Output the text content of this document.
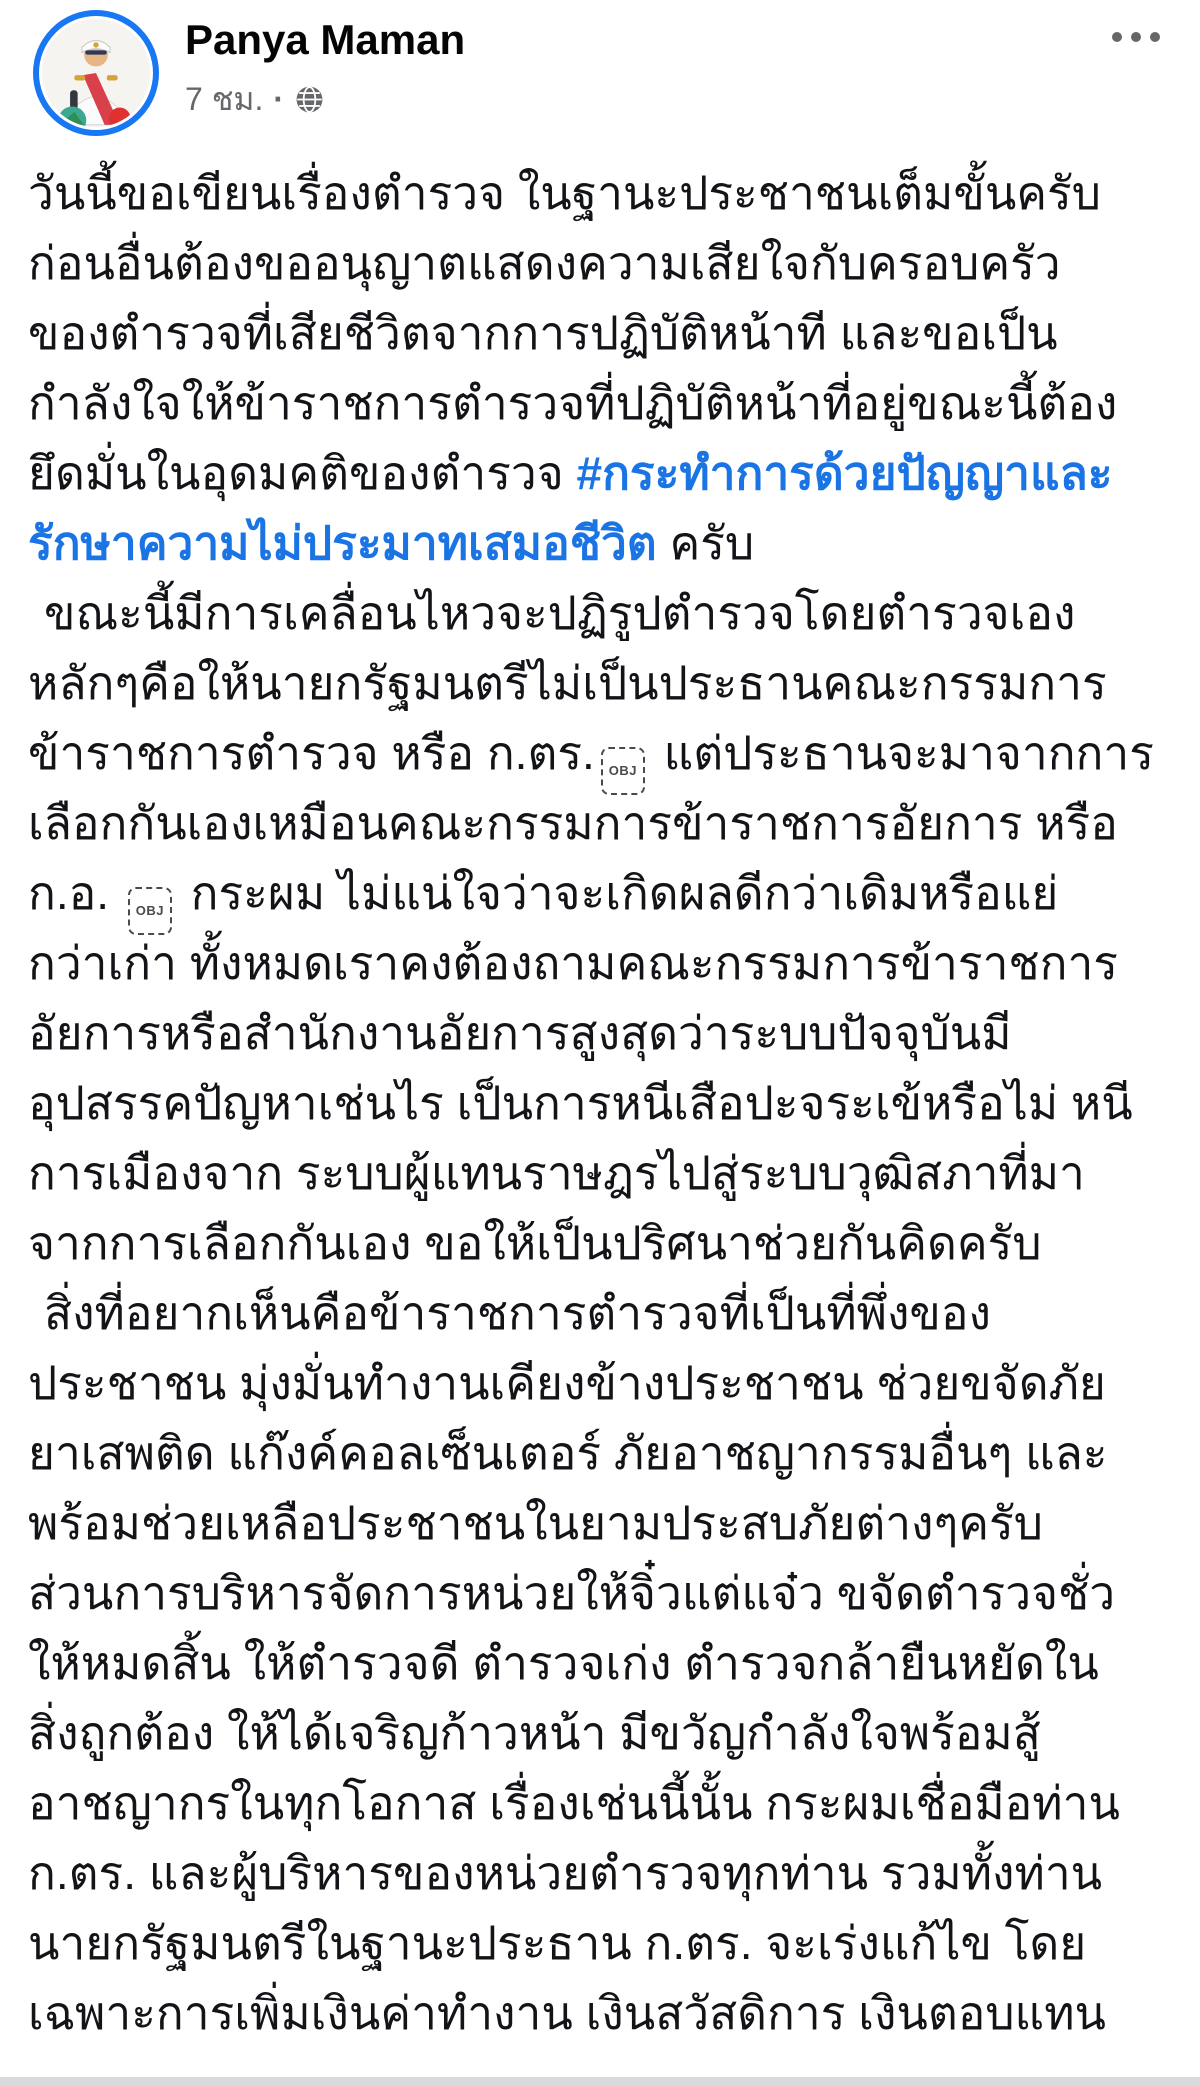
Panya Maman
7 ชม. ·
วันนี้ขอเขียนเรื่องตำรวจ ในฐานะประชาชนเต็มขั้นครับ
ก่อนอื่นต้องขออนุญาตแสดงความเสียใจกับครอบครัว
ของตำรวจที่เสียชีวิตจากการปฏิบัติหน้าที และขอเป็น
กำลังใจให้ข้าราชการตำรวจที่ปฏิบัติหน้าที่อยู่ขณะนี้ต้อง
ยึดมั่นในอุดมคติของตำรวจ #กระทำการด้วยปัญญาและ
รักษาความไม่ประมาทเสมอชีวิต ครับ
ขณะนี้มีการเคลื่อนไหวจะปฏิรูปตำรวจโดยตำรวจเอง
หลักๆคือให้นายกรัฐมนตรีไม่เป็นประธานคณะกรรมการ
ข้าราชการตำรวจ หรือ ก.ตร. OBJ แต่ประธานจะมาจากการ
เลือกกันเองเหมือนคณะกรรมการข้าราชการอัยการ หรือ
ก.อ. OBJ กระผม ไม่แน่ใจว่าจะเกิดผลดีกว่าเดิมหรือแย่
กว่าเก่า ทั้งหมดเราคงต้องถามคณะกรรมการข้าราชการ
อัยการหรือสำนักงานอัยการสูงสุดว่าระบบปัจจุบันมี
อุปสรรคปัญหาเช่นไร เป็นการหนีเสือปะจระเข้หรือไม่ หนี
การเมืองจาก ระบบผู้แทนราษฎรไปสู่ระบบวุฒิสภาที่มา
จากการเลือกกันเอง ขอให้เป็นปริศนาช่วยกันคิดครับ
สิ่งที่อยากเห็นคือข้าราชการตำรวจที่เป็นที่พึ่งของ
ประชาชน มุ่งมั่นทำงานเคียงข้างประชาชน ช่วยขจัดภัย
ยาเสพติด แก๊งค์คอลเซ็นเตอร์ ภัยอาชญากรรมอื่นๆ และ
พร้อมช่วยเหลือประชาชนในยามประสบภัยต่างๆครับ
ส่วนการบริหารจัดการหน่วยให้จิ๋วแต่แจ๋ว ขจัดตำรวจชั่ว
ให้หมดสิ้น ให้ตำรวจดี ตำรวจเก่ง ตำรวจกล้ายืนหยัดใน
สิ่งถูกต้อง ให้ได้เจริญก้าวหน้า มีขวัญกำลังใจพร้อมสู้
อาชญากรในทุกโอกาส เรื่องเช่นนี้นั้น กระผมเชื่อมือท่าน
ก.ตร. และผู้บริหารของหน่วยตำรวจทุกท่าน รวมทั้งท่าน
นายกรัฐมนตรีในฐานะประธาน ก.ตร. จะเร่งแก้ไข โดย
เฉพาะการเพิ่มเงินค่าทำงาน เงินสวัสดิการ เงินตอบแทน
